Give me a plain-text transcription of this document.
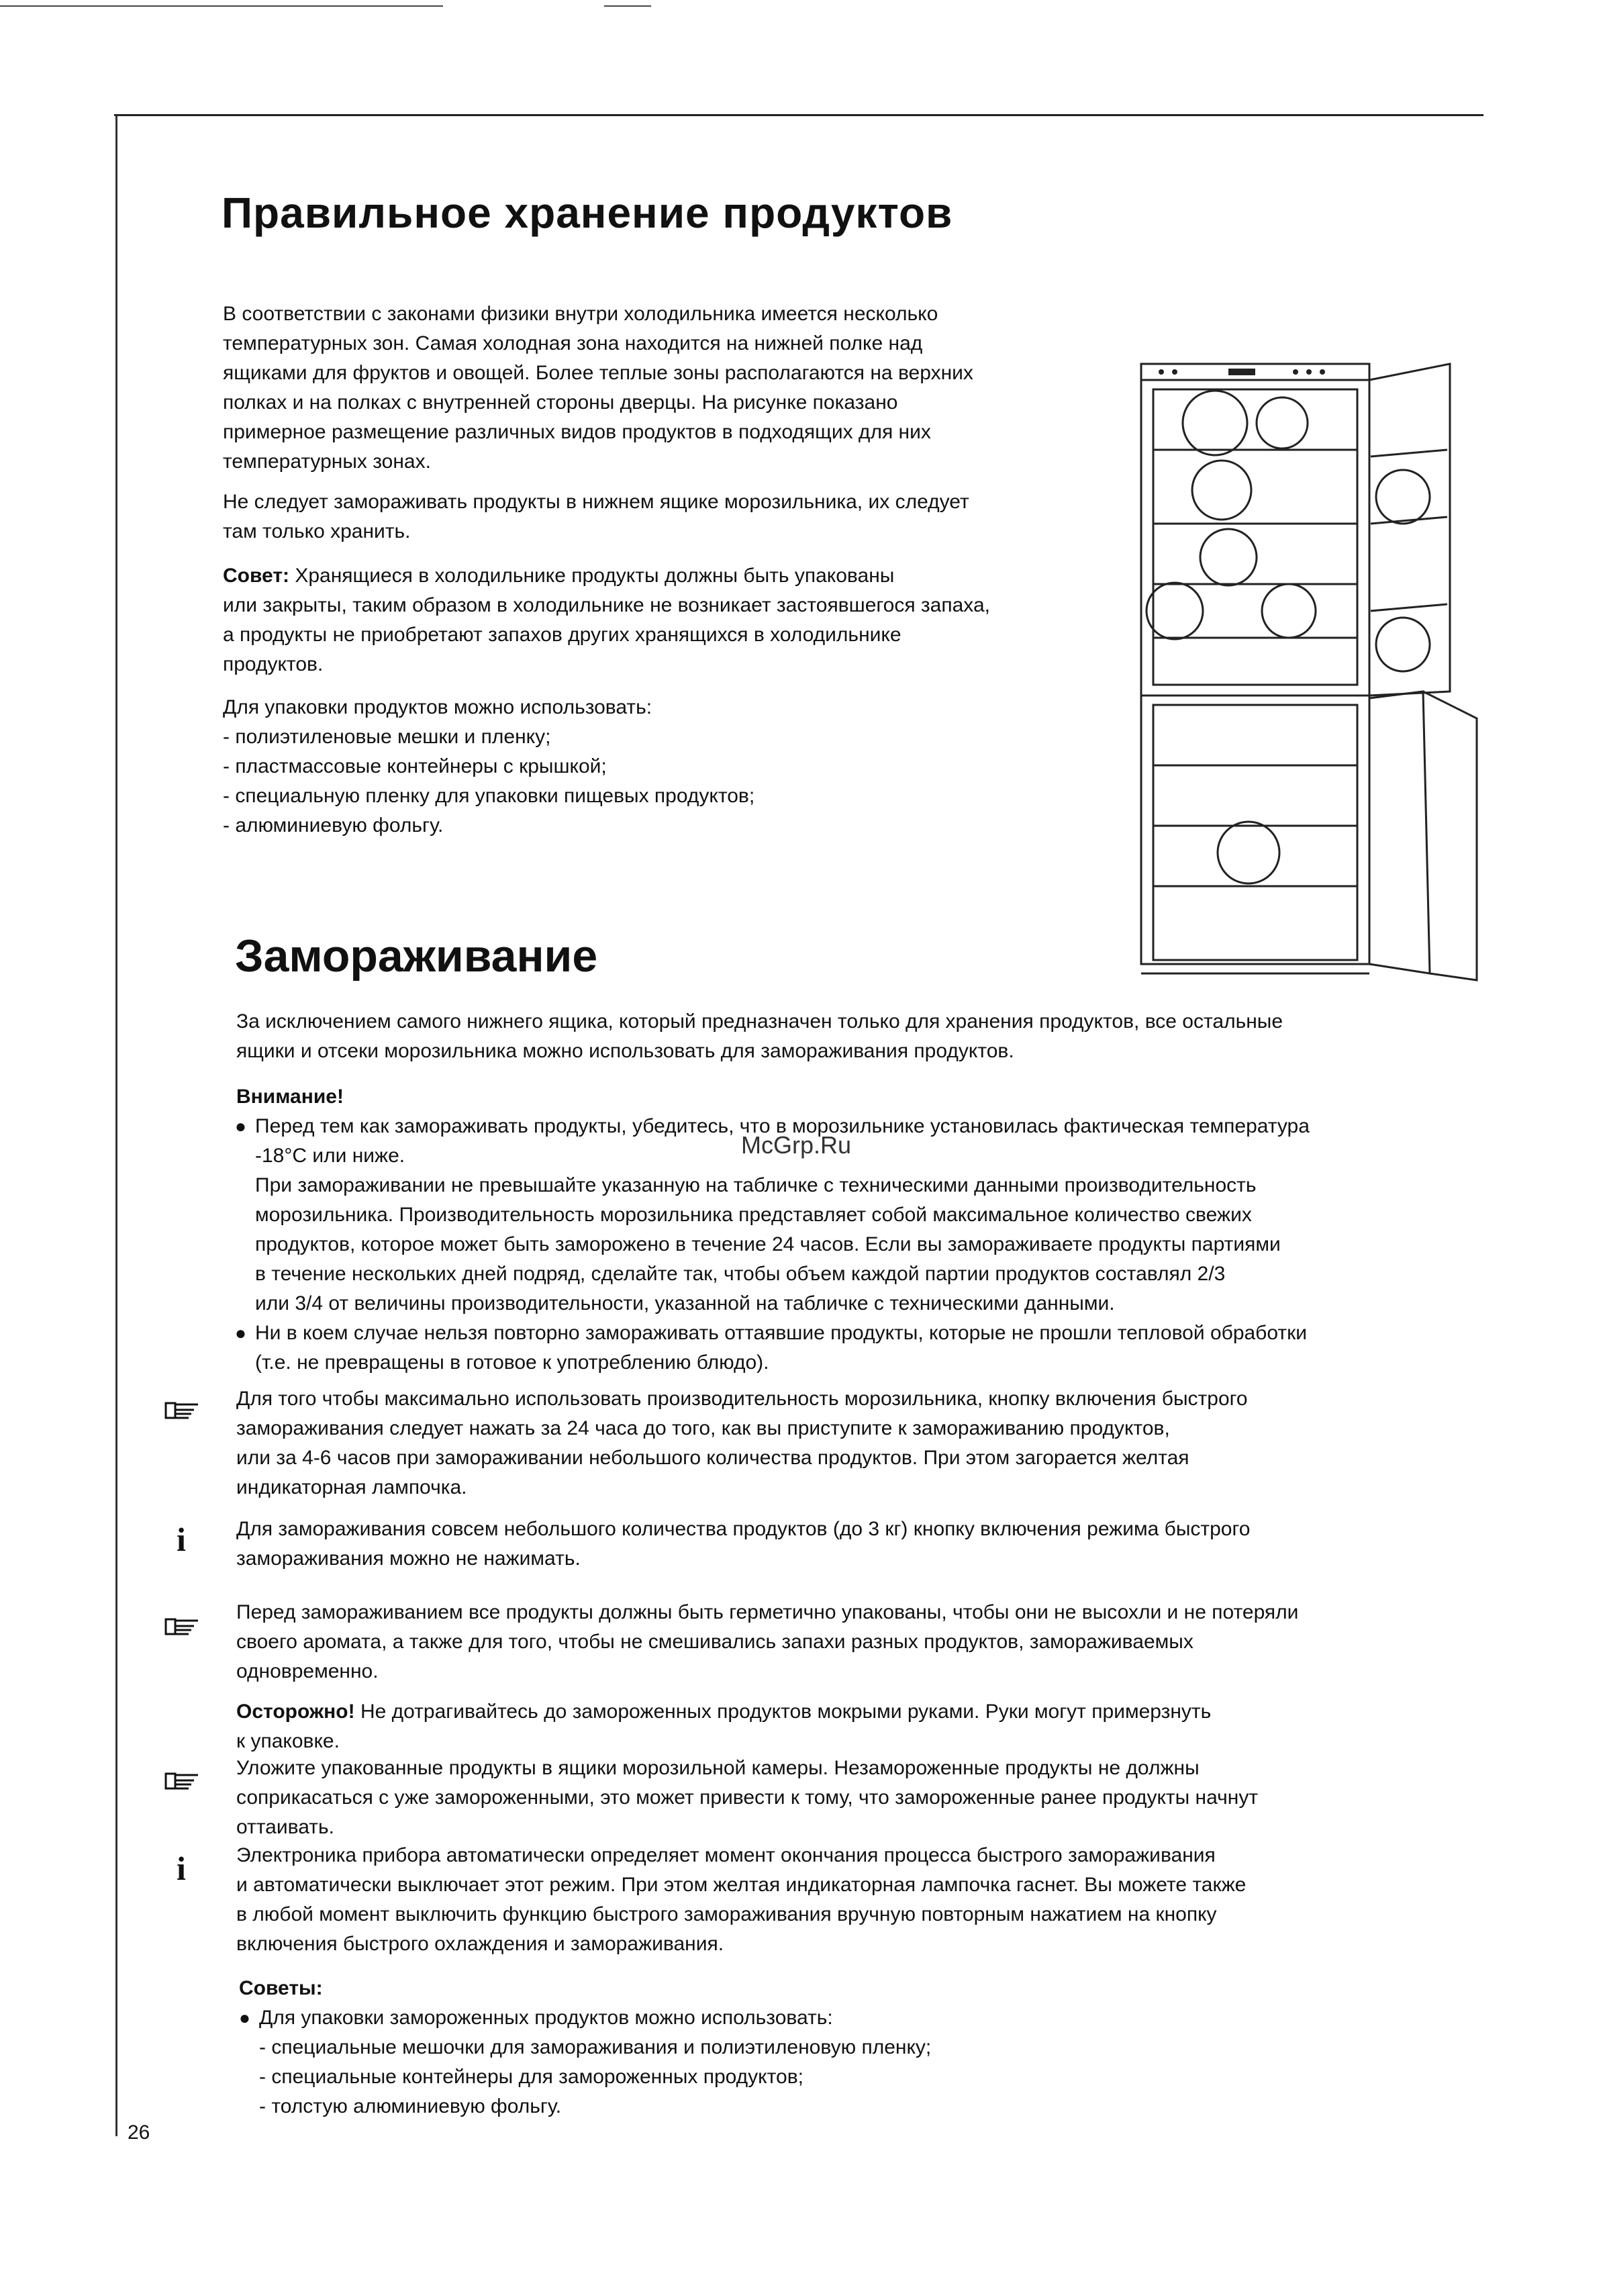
Правильное хранение продуктов
В соответствии с законами физики внутри холодильника имеется несколько
температурных зон. Самая холодная зона находится на нижней полке над
ящиками для фруктов и овощей. Более теплые зоны располагаются на верхних
полках и на полках с внутренней стороны дверцы. На рисунке показано
примерное размещение различных видов продуктов в подходящих для них
температурных зонах.
Не следует замораживать продукты в нижнем ящике морозильника, их следует
там только хранить.
Совет: Хранящиеся в холодильнике продукты должны быть упакованы
или закрыты, таким образом в холодильнике не возникает застоявшегося запаха,
а продукты не приобретают запахов других хранящихся в холодильнике
продуктов.
Для упаковки продуктов можно использовать:
- полиэтиленовые мешки и пленку;
- пластмассовые контейнеры с крышкой;
- специальную пленку для упаковки пищевых продуктов;
- алюминиевую фольгу.
Замораживание
За исключением самого нижнего ящика, который предназначен только для хранения продуктов, все остальные
ящики и отсеки морозильника можно использовать для замораживания продуктов.
Внимание!
● Перед тем как замораживать продукты, убедитесь, что в морозильнике установилась фактическая температура
-18°С или ниже.
При замораживании не превышайте указанную на табличке с техническими данными производительность
морозильника. Производительность морозильника представляет собой максимальное количество свежих
продуктов, которое может быть заморожено в течение 24 часов. Если вы замораживаете продукты партиями
в течение нескольких дней подряд, сделайте так, чтобы объем каждой партии продуктов составлял 2/3
или 3/4 от величины производительности, указанной на табличке с техническими данными.
● Ни в коем случае нельзя повторно замораживать оттаявшие продукты, которые не прошли тепловой обработки
(т.е. не превращены в готовое к употреблению блюдо).
McGrp.Ru
Для того чтобы максимально использовать производительность морозильника, кнопку включения быстрого
замораживания следует нажать за 24 часа до того, как вы приступите к замораживанию продуктов,
или за 4-6 часов при замораживании небольшого количества продуктов. При этом загорается желтая
индикаторная лампочка.
i	Для замораживания совсем небольшого количества продуктов (до 3 кг) кнопку включения режима быстрого
замораживания можно не нажимать.
Перед замораживанием все продукты должны быть герметично упакованы, чтобы они не высохли и не потеряли
своего аромата, а также для того, чтобы не смешивались запахи разных продуктов, замораживаемых
одновременно.
Осторожно! Не дотрагивайтесь до замороженных продуктов мокрыми руками. Руки могут примерзнуть
к упаковке.
Уложите упакованные продукты в ящики морозильной камеры. Незамороженные продукты не должны
соприкасаться с уже замороженными, это может привести к тому, что замороженные ранее продукты начнут
оттаивать.
i	Электроника прибора автоматически определяет момент окончания процесса быстрого замораживания
и автоматически выключает этот режим. При этом желтая индикаторная лампочка гаснет. Вы можете также
в любой момент выключить функцию быстрого замораживания вручную повторным нажатием на кнопку
включения быстрого охлаждения и замораживания.
Советы:
● Для упаковки замороженных продуктов можно использовать:
- специальные мешочки для замораживания и полиэтиленовую пленку;
- специальные контейнеры для замороженных продуктов;
- толстую алюминиевую фольгу.
26
